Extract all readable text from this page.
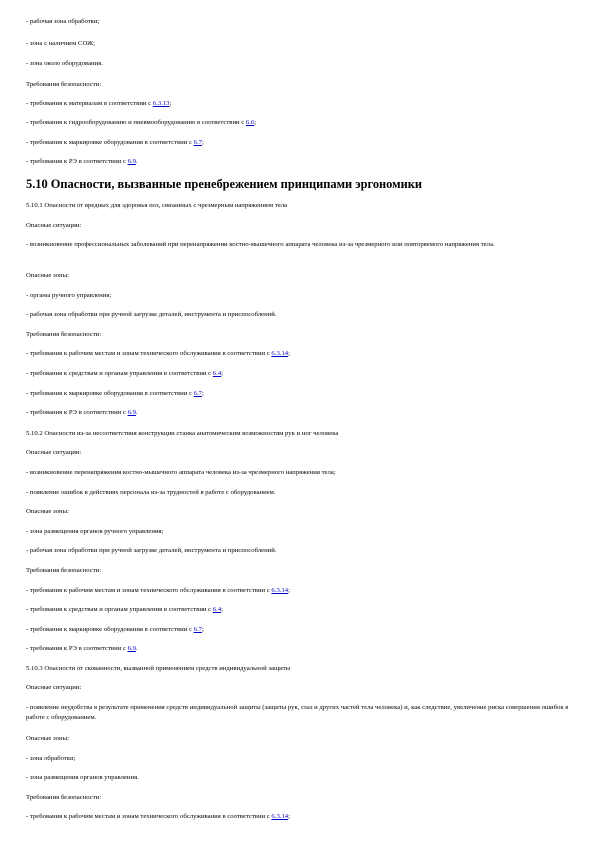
- рабочая зона обработки;
- зона с наличием СОЖ;
- зона около оборудования.
Требования безопасности:
- требования к материалам в соответствии с 6.3.13;
- требования к гидрооборудованию и пневмооборудованию в соответствии с 6.6;
- требования к маркировке оборудования в соответствии с 6.7;
- требования к РЭ в соответствии с 6.9.
5.10 Опасности, вызванные пренебрежением принципами эргономики
5.10.1 Опасности от вредных для здоровья поз, связанных с чрезмерным напряжением тела
Опасные ситуации:
- возникновение профессиональных заболеваний при перенапряжении костно-мышечного аппарата человека из-за чрезмерного или повторяемого напряжения тела.
Опасные зоны:
- органы ручного управления;
- рабочая зона обработки при ручной загрузке деталей, инструмента и приспособлений.
Требования безопасности:
- требования к рабочим местам и зонам технического обслуживания в соответствии с 6.3.14;
- требования к средствам и органам управления в соответствии с 6.4;
- требования к маркировке оборудования в соответствии с 6.7;
- требования к РЭ в соответствии с 6.9.
5.10.2 Опасности из-за несоответствия конструкции станка анатомическим возможностям рук и ног человека
Опасные ситуации:
- возникновение перенапряжения костно-мышечного аппарата человека из-за чрезмерного напряжения тела;
- появление ошибок в действиях персонала из-за трудностей в работе с оборудованием.
Опасные зоны:
- зона размещения органов ручного управления;
- рабочая зона обработки при ручной загрузке деталей, инструмента и приспособлений.
Требования безопасности:
- требования к рабочим местам и зонам технического обслуживания в соответствии с 6.3.14;
- требования к средствам и органам управления в соответствии с 6.4;
- требования к маркировке оборудования в соответствии с 6.7;
- требования к РЭ в соответствии с 6.9.
5.10.3 Опасности от скованности, вызванной применением средств индивидуальной защиты
Опасные ситуации:
- появление неудобства в результате применения средств индивидуальной защиты (защиты рук, глаз и других частей тела человека) и, как следствие, увеличение риска совершения ошибок в работе с оборудованием.
Опасные зоны:
- зона обработки;
- зона размещения органов управления.
Требования безопасности:
- требования к рабочим местам и зонам технического обслуживания в соответствии с 6.3.14;
